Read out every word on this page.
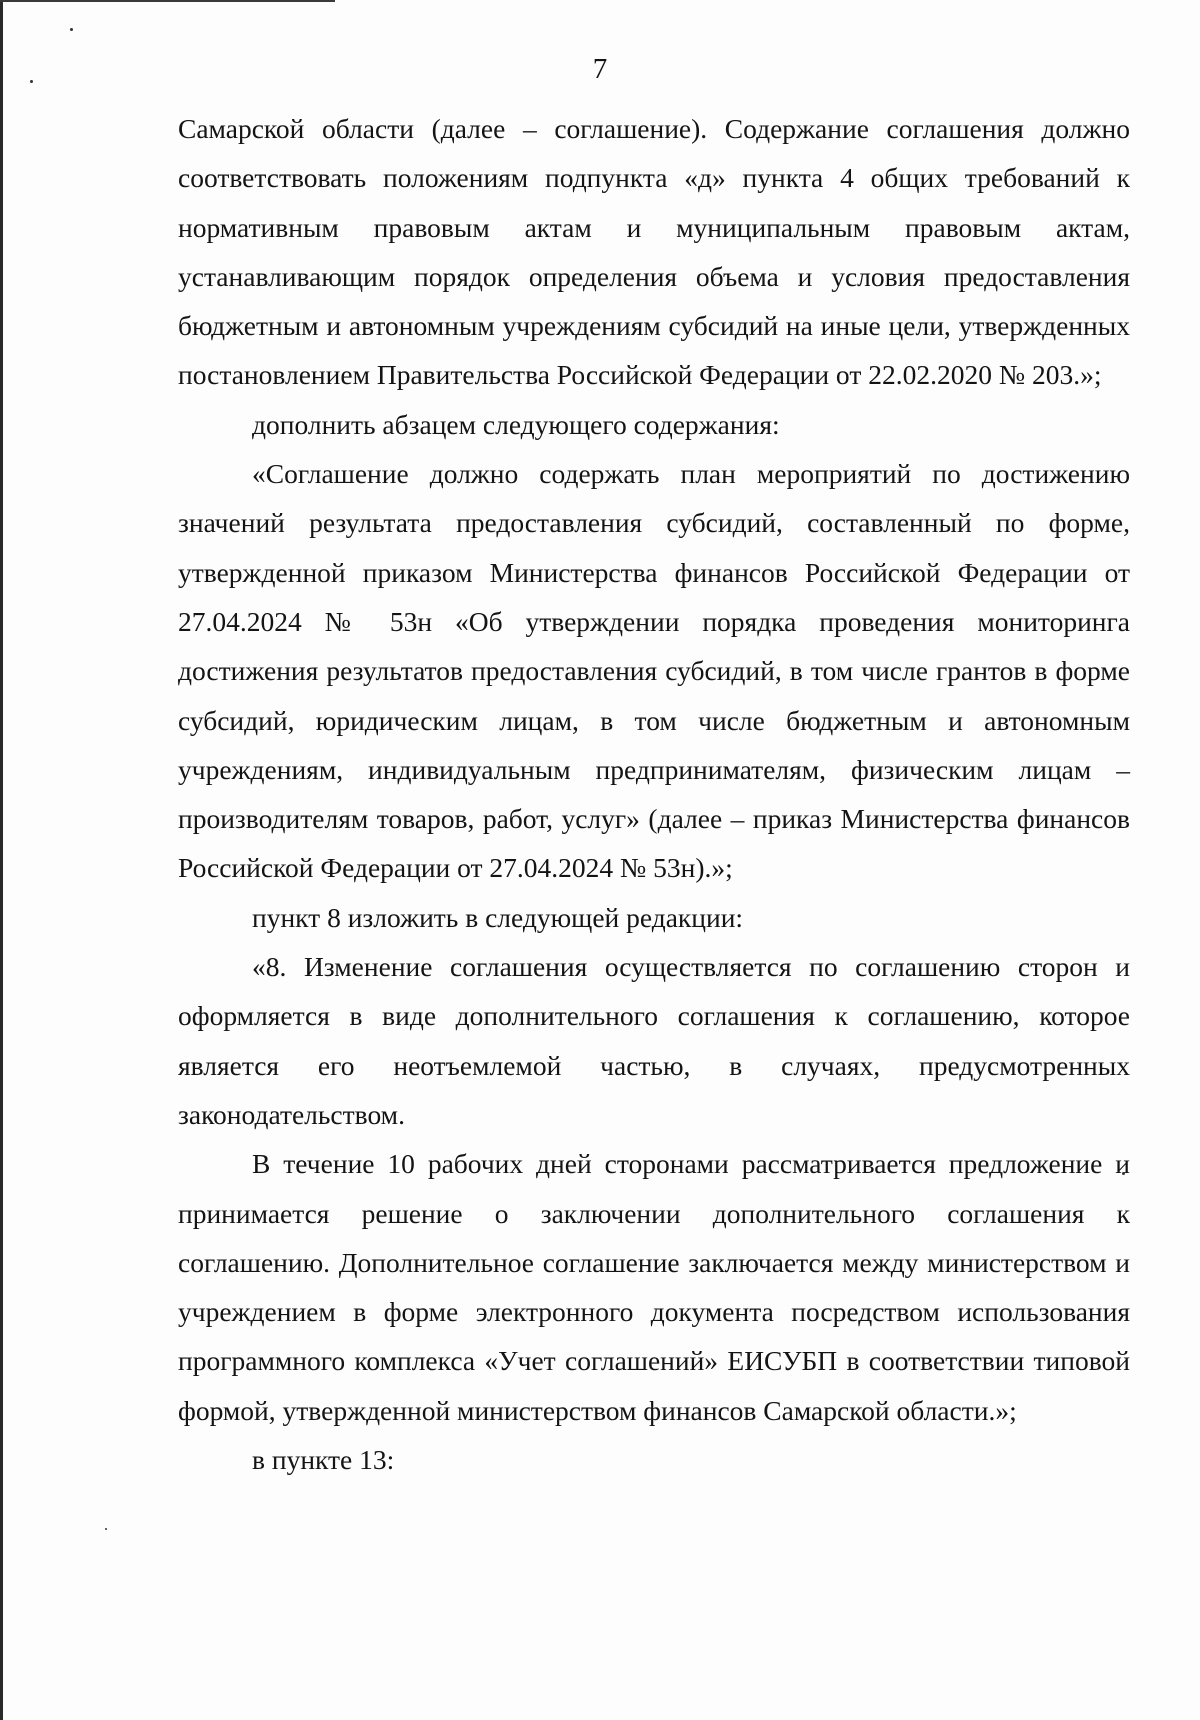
7

Самарской области (далее – соглашение). Содержание соглашения должно соответствовать положениям подпункта «д» пункта 4 общих требований к нормативным правовым актам и муниципальным правовым актам, устанавливающим порядок определения объема и условия предоставления бюджетным и автономным учреждениям субсидий на иные цели, утвержденных постановлением Правительства Российской Федерации от 22.02.2020 № 203.»;

дополнить абзацем следующего содержания:

«Соглашение должно содержать план мероприятий по достижению значений результата предоставления субсидий, составленный по форме, утвержденной приказом Министерства финансов Российской Федерации от 27.04.2024 № 53н «Об утверждении порядка проведения мониторинга достижения результатов предоставления субсидий, в том числе грантов в форме субсидий, юридическим лицам, в том числе бюджетным и автономным учреждениям, индивидуальным предпринимателям, физическим лицам – производителям товаров, работ, услуг» (далее – приказ Министерства финансов Российской Федерации от 27.04.2024 № 53н).»;

пункт 8 изложить в следующей редакции:

«8. Изменение соглашения осуществляется по соглашению сторон и оформляется в виде дополнительного соглашения к соглашению, которое является его неотъемлемой частью, в случаях, предусмотренных законодательством.

В течение 10 рабочих дней сторонами рассматривается предложение и принимается решение о заключении дополнительного соглашения к соглашению. Дополнительное соглашение заключается между министерством и учреждением в форме электронного документа посредством использования программного комплекса «Учет соглашений» ЕИСУБП в соответствии типовой формой, утвержденной министерством финансов Самарской области.»;

в пункте 13:
